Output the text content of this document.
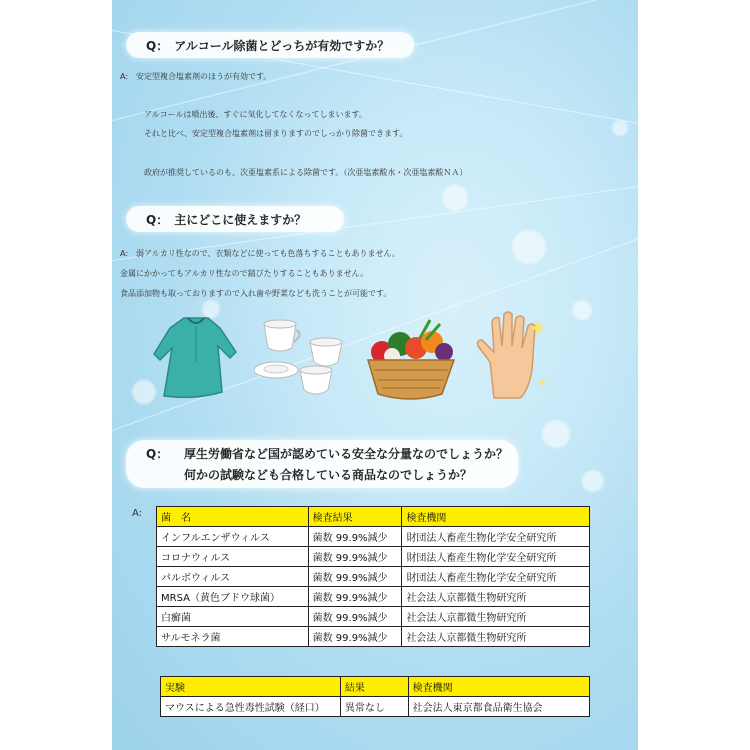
Q：　アルコール除菌とどっちが有効ですか？
A:　安定型複合塩素剤のほうが有効です。
アルコールは噴出後、すぐに気化してなくなってしまいます。
それと比べ、安定型複合塩素剤は留まりますのでしっかり除菌できます。
政府が推奨しているのも、次亜塩素系による除菌です。（次亜塩素酸水・次亜塩素酸ＮＡ）
Q：　主にどこに使えますか？
A:　弱アルカリ性なので、衣類などに使っても色落ちすることもありません。
金属にかかってもアルカリ性なので錆びたりすることもありません。
食品添加物も取っておりますので入れ歯や野菜なども洗うことが可能です。
Q： 厚生労働省など国が認めている安全な分量なのでしょうか？
何かの試験なども合格している商品なのでしょうか？
A: 菌　名	検査結果	検査機関
インフルエンザウィルス	菌数 99.9%減少	財団法人畜産生物化学安全研究所
コロナウィルス	菌数 99.9%減少	財団法人畜産生物化学安全研究所
パルボウィルス	菌数 99.9%減少	財団法人畜産生物化学安全研究所
MRSA（黄色ブドウ球菌）	菌数 99.9%減少	社会法人京都微生物研究所
白癬菌	菌数 99.9%減少	社会法人京都微生物研究所
サルモネラ菌	菌数 99.9%減少	社会法人京都微生物研究所
実験	結果	検査機関
マウスによる急性毒性試験（経口）	異常なし	社会法人東京都食品衛生協会
